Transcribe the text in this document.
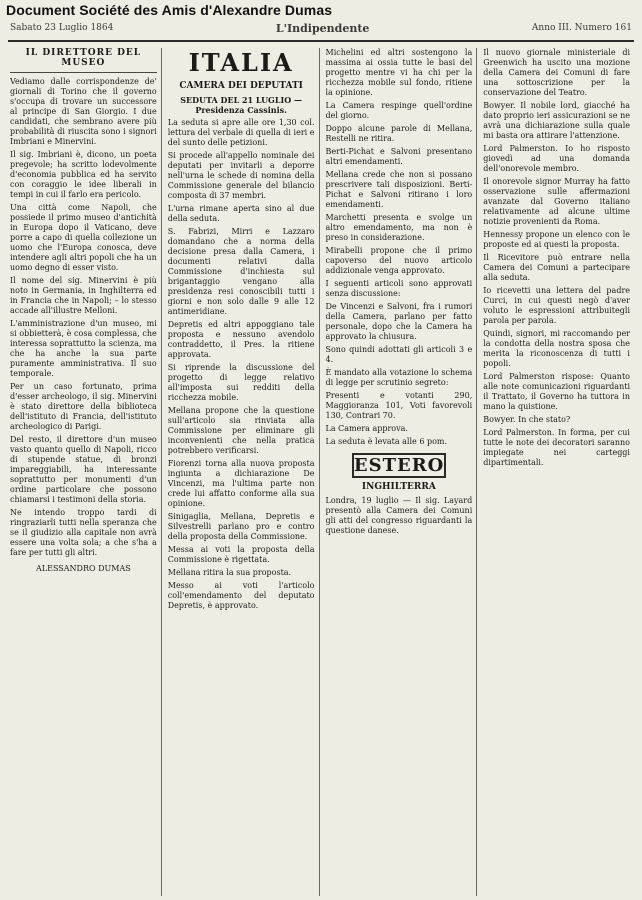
Document Société des Amis d'Alexandre Dumas
Sabato 23 Luglio 1864	L'Indipendente	Anno III. Numero 161
IL DIRETTORE DEL MUSEO

Vediamo dalle corrispondenze de' giornali di Torino che il governo s'occupa di trovare un successore al principe di San Giorgio. I due candidati, che sembrano avere più probabilità di riuscita sono i signori Imbriani e Minervini.

Il sig. Imbriani è, dicono, un poeta pregevole; ha scritto lodevolmente d'economia pubblica ed ha servito con coraggio le idee liberali in tempi in cui il farlo era pericolo.

Una città come Napoli, che possiede il primo museo d'antichità in Europa dopo il Vaticano, deve porre a capo di quella collezione un uomo che l'Europa conosca, deve intendere agli altri popoli che ha un uomo degno di esser visto.

Il nome del sig. Minervini è più noto in Germania, in Inghilterra ed in Francia che in Napoli; – lo stesso accade all'illustre Melloni.

L'amministrazione d'un museo, mi si obbietterà, è cosa complessa, che interessa soprattutto la scienza, ma che ha anche la sua parte puramente amministrativa. Il suo temporale.

Per un caso fortunato, prima d'esser archeologo, il sig. Minervini è stato direttore della biblioteca dell'istituto di Francia, dell'istituto archeologico di Parigi.

Del resto, il direttore d'un museo vasto quanto quello di Napoli, ricco di stupende statue, di bronzi impareggiabili, ha interessante soprattutto per monumenti d'un ordine particolare che possono chiamarsi i testimoni della storia.

Ne intendo troppo tardi di ringraziarli tutti nella speranza che se il giudizio alla capitale non avrà essere una volta sola; a che s'ha a fare per tutti gli altri.

ALESSANDRO DUMAS
ITALIA
CAMERA DEI DEPUTATI
SEDUTA DEL 21 LUGLIO — Presidenza Cassinis.

La seduta si apre alle ore 1,30 col. lettura del verbale di quella di ieri e del sunto delle petizioni.

Si procede all'appello nominale dei deputati per invitarli a deporre nell'urna le schede di nomina della Commissione generale del bilancio composta di 37 membri.

L'urna rimane aperta sino al due della seduta.

S. Fabrizi, Mirri e Lazzaro domandano che a norma della decisione presa dalla Camera, i documenti relativi dalla Commissione d'inchiesta sul brigantaggio vengano alla presidenza resi conoscibili tutti i giorni e non solo dalle 9 alle 12 antimeridiane.

Depretis ed altri appoggiano tale proposta e nessuno avendolo contraddetto, il Pres. la ritiene approvata.

Si riprende la discussione del progetto di legge relativo all'imposta sui redditi della ricchezza mobile.

Mellana propone che la questione sull'articolo sia rinviata alla Commissione per eliminare gli inconvenienti che nella pratica potrebbero verificarsi.

Fiorenzi torna alla nuova proposta ingiunta a dichiarazione De Vincenzi, ma l'ultima parte non crede lui affatto conforme alla sua opinione.

Sinigaglia, Mellana, Depretis e Silvestrelli parlano pro e contro della proposta della Commissione.

Messa ai voti la proposta della Commissione è rigettata.

Mellana ritira la sua proposta.

Messo ai voti l'articolo coll'emendamento del deputato Depretis, è approvato.

Michelini ed altri sostengono la massima ai ossia tutte le basi del progetto mentre vi ha chi per la ricchezza mobile sul fondo, ritiene la opinione.

La Camera respinge quell'ordine del giorno.

Doppo alcune parole di Mellana, Restelli ne ritira.

Berti-Pichat e Salvoni presentano altri emendamenti.

Mellana crede che non si possano prescrivere tali disposizioni. Berti-Pichat e Salvoni ritirano i loro emendamenti.

Marchetti presenta e svolge un altro emendamento, ma non è preso in considerazione.

Mirabelli propone che il primo capoverso del nuovo articolo addizionale venga approvato.

I seguenti articoli sono approvati senza discussione:

De Vincenzi e Salvoni, fra i rumori della Camera, parlano per fatto personale, dopo che la Camera ha approvato la chiusura.

Sono quindi adottati gli articoli 3 e 4.

È mandato alla votazione lo schema di legge per scrutinio segreto:

Presenti e votanti 290, Maggioranza 101, Voti favorevoli 130, Contrari 70.

La Camera approva.

La seduta è levata alle 6 pom.

ESTERO
INGHILTERRA

Londra, 19 luglio — Il sig. Layard presentò alla Camera dei Comuni gli atti del congresso riguardanti la questione danese.

Il nuovo giornale ministeriale di Greenwich ha uscito una mozione della Camera dei Comuni di fare una sottoscrizione per la conservazione del Teatro.

Bowyer. Il nobile lord, giacché ha dato proprio ieri assicurazioni se ne avrà una dichiarazione sulla quale mi basta ora attirare l'attenzione.

Lord Palmerston. Io ho risposto giovedì ad una domanda dell'onorevole membro.

Il onorevole signor Murray ha fatto osservazione sulle affermazioni avanzate dal Governo italiano relativamente ad alcune ultime notizie provenienti da Roma.

Hennessy propone un elenco con le proposte ed ai questi la proposta.

Il Ricevitore può entrare nella Camera dei Comuni a partecipare alla seduta.

Io ricevetti una lettera del padre Curci, in cui questi negò d'aver voluto le espressioni attribuitegli parola per parola.

Quindi, signori, mi raccomando per la condotta della nostra sposa che merita la riconoscenza di tutti i popoli.

Lord Palmerston rispose: Quanto alle note comunicazioni riguardanti il Trattato, il Governo ha tuttora in mano la quistione.

Bowyer. In che stato?

Lord Palmerston. In forma, per cui tutte le note dei decoratori saranno impiegate nei carteggi dipartimentali.
